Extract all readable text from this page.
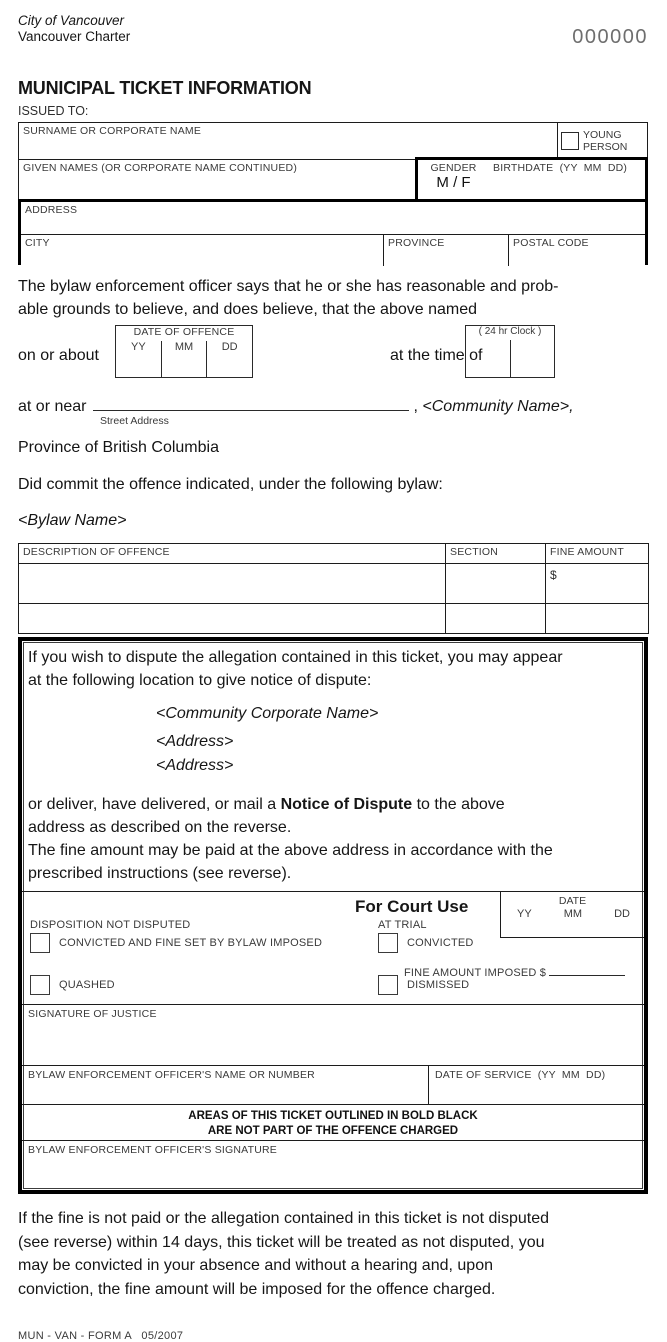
City of Vancouver
Vancouver Charter	000000
MUNICIPAL TICKET INFORMATION
ISSUED TO:
SURNAME OR CORPORATE NAME	YOUNG
PERSON
GIVEN NAMES (OR CORPORATE NAME CONTINUED)	GENDER
M / F
BIRTHDATE  (YY  MM  DD)
ADDRESS
CITY	PROVINCE	POSTAL CODE
The bylaw enforcement officer says that he or she has reasonable and prob-
able grounds to believe, and does believe, that the above named
on or about
DATE OF OFFENCE
YY	MM	DD	at the time of
( 24 hr Clock )
at or near	, <Community Name>,
Street Address
Province of British Columbia
Did commit the offence indicated, under the following bylaw:
<Bylaw Name>
DESCRIPTION OF OFFENCE	SECTION	FINE AMOUNT
		$

If you wish to dispute the allegation contained in this ticket, you may appear
at the following location to give notice of dispute:
<Community Corporate Name>
<Address>
<Address>
or deliver, have delivered, or mail a Notice of Dispute to the above
address as described on the reverse.
The fine amount may be paid at the above address in accordance with the
prescribed instructions (see reverse).
For Court Use	DATE
YY	MM	DD
DISPOSITION NOT DISPUTED
CONVICTED AND FINE SET BY BYLAW IMPOSED
QUASHED
AT TRIAL
CONVICTED
FINE AMOUNT IMPOSED $
DISMISSED
SIGNATURE OF JUSTICE
BYLAW ENFORCEMENT OFFICER'S NAME OR NUMBER	DATE OF SERVICE  (YY  MM  DD)
AREAS OF THIS TICKET OUTLINED IN BOLD BLACK
ARE NOT PART OF THE OFFENCE CHARGED
BYLAW ENFORCEMENT OFFICER'S SIGNATURE
If the fine is not paid or the allegation contained in this ticket is not disputed
(see reverse) within 14 days, this ticket will be treated as not disputed, you
may be convicted in your absence and without a hearing and, upon
conviction, the fine amount will be imposed for the offence charged.
MUN - VAN - FORM A   05/2007
